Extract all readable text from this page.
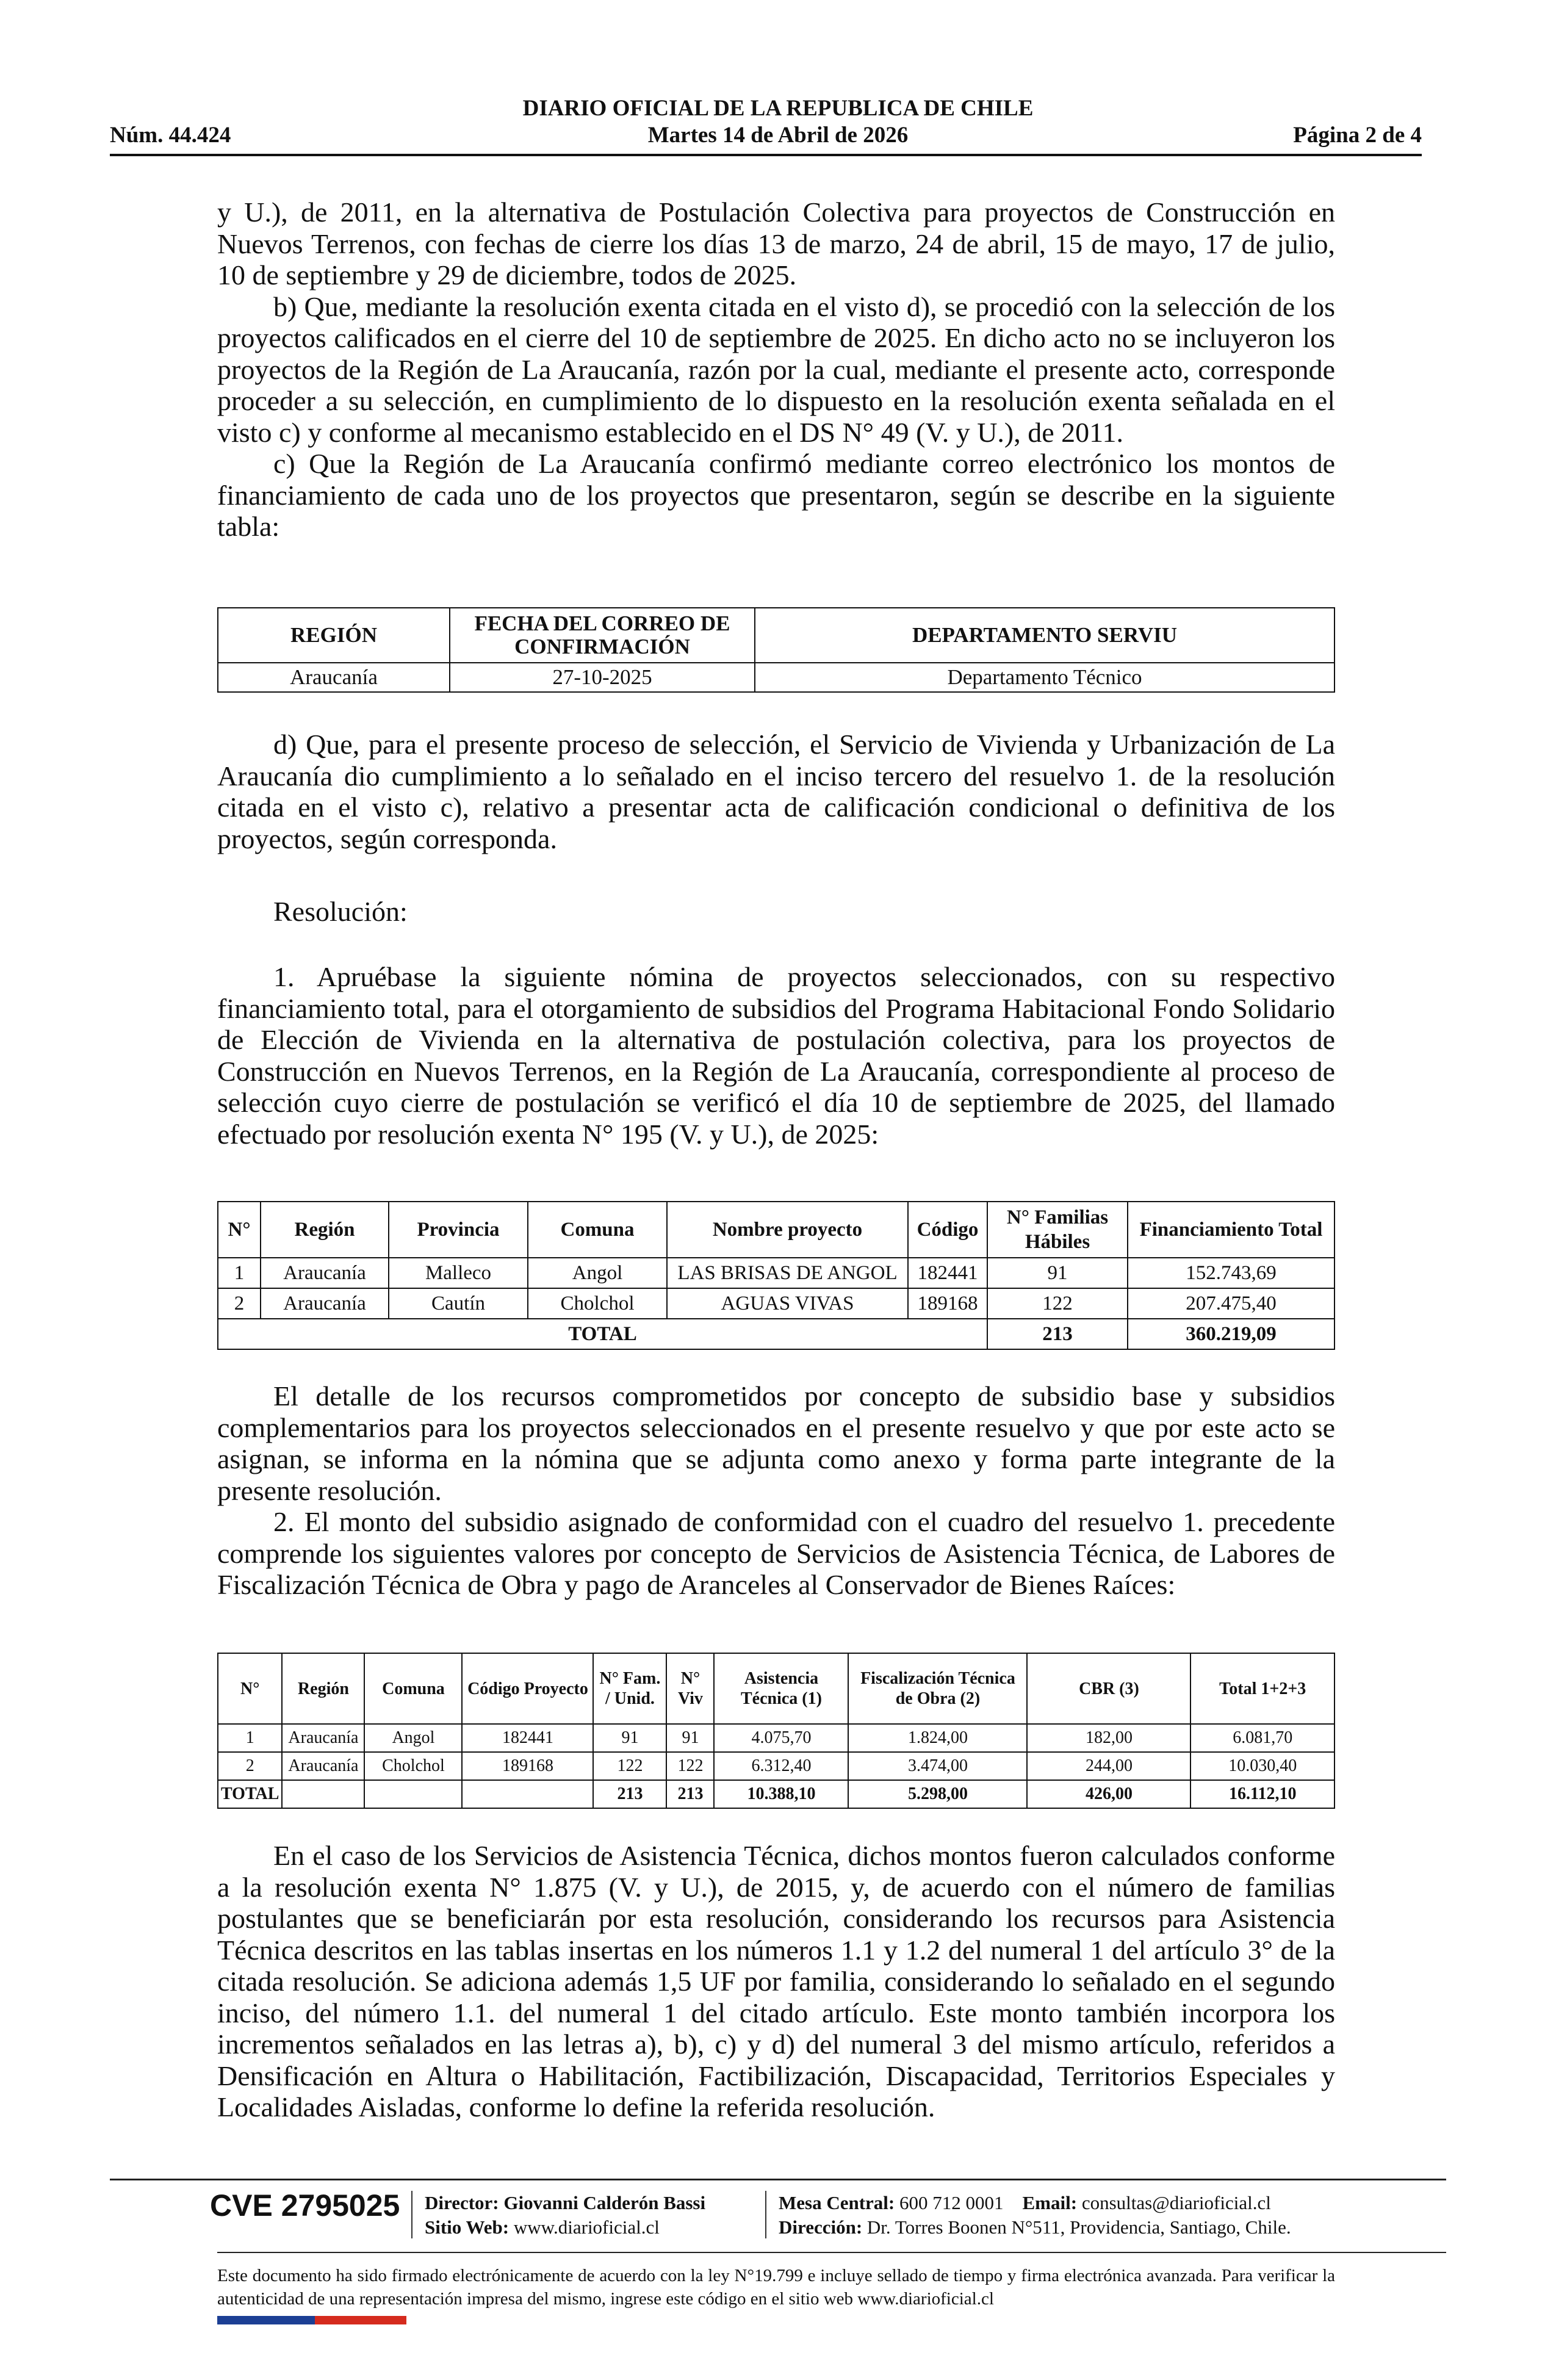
DIARIO OFICIAL DE LA REPUBLICA DE CHILE
Núm. 44.424	Martes 14 de Abril de 2026	Página 2 de 4

y U.), de 2011, en la alternativa de Postulación Colectiva para proyectos de Construcción en Nuevos Terrenos, con fechas de cierre los días 13 de marzo, 24 de abril, 15 de mayo, 17 de julio, 10 de septiembre y 29 de diciembre, todos de 2025.

b) Que, mediante la resolución exenta citada en el visto d), se procedió con la selección de los proyectos calificados en el cierre del 10 de septiembre de 2025. En dicho acto no se incluyeron los proyectos de la Región de La Araucanía, razón por la cual, mediante el presente acto, corresponde proceder a su selección, en cumplimiento de lo dispuesto en la resolución exenta señalada en el visto c) y conforme al mecanismo establecido en el DS N° 49 (V. y U.), de 2011.

c) Que la Región de La Araucanía confirmó mediante correo electrónico los montos de financiamiento de cada uno de los proyectos que presentaron, según se describe en la siguiente tabla:

REGIÓN	FECHA DEL CORREO DE CONFIRMACIÓN	DEPARTAMENTO SERVIU
Araucanía	27-10-2025	Departamento Técnico

d) Que, para el presente proceso de selección, el Servicio de Vivienda y Urbanización de La Araucanía dio cumplimiento a lo señalado en el inciso tercero del resuelvo 1. de la resolución citada en el visto c), relativo a presentar acta de calificación condicional o definitiva de los proyectos, según corresponda.

Resolución:

1. Apruébase la siguiente nómina de proyectos seleccionados, con su respectivo financiamiento total, para el otorgamiento de subsidios del Programa Habitacional Fondo Solidario de Elección de Vivienda en la alternativa de postulación colectiva, para los proyectos de Construcción en Nuevos Terrenos, en la Región de La Araucanía, correspondiente al proceso de selección cuyo cierre de postulación se verificó el día 10 de septiembre de 2025, del llamado efectuado por resolución exenta N° 195 (V. y U.), de 2025:

N°	Región	Provincia	Comuna	Nombre proyecto	Código	N° Familias Hábiles	Financiamiento Total
1	Araucanía	Malleco	Angol	LAS BRISAS DE ANGOL	182441	91	152.743,69
2	Araucanía	Cautín	Cholchol	AGUAS VIVAS	189168	122	207.475,40
TOTAL						213	360.219,09

El detalle de los recursos comprometidos por concepto de subsidio base y subsidios complementarios para los proyectos seleccionados en el presente resuelvo y que por este acto se asignan, se informa en la nómina que se adjunta como anexo y forma parte integrante de la presente resolución.

2. El monto del subsidio asignado de conformidad con el cuadro del resuelvo 1. precedente comprende los siguientes valores por concepto de Servicios de Asistencia Técnica, de Labores de Fiscalización Técnica de Obra y pago de Aranceles al Conservador de Bienes Raíces:

N°	Región	Comuna	Código Proyecto	N° Fam. / Unid.	N° Viv	Asistencia Técnica (1)	Fiscalización Técnica de Obra (2)	CBR (3)	Total 1+2+3
1	Araucanía	Angol	182441	91	91	4.075,70	1.824,00	182,00	6.081,70
2	Araucanía	Cholchol	189168	122	122	6.312,40	3.474,00	244,00	10.030,40
TOTAL				213	213	10.388,10	5.298,00	426,00	16.112,10

En el caso de los Servicios de Asistencia Técnica, dichos montos fueron calculados conforme a la resolución exenta N° 1.875 (V. y U.), de 2015, y, de acuerdo con el número de familias postulantes que se beneficiarán por esta resolución, considerando los recursos para Asistencia Técnica descritos en las tablas insertas en los números 1.1 y 1.2 del numeral 1 del artículo 3° de la citada resolución. Se adiciona además 1,5 UF por familia, considerando lo señalado en el segundo inciso, del número 1.1. del numeral 1 del citado artículo. Este monto también incorpora los incrementos señalados en las letras a), b), c) y d) del numeral 3 del mismo artículo, referidos a Densificación en Altura o Habilitación, Factibilización, Discapacidad, Territorios Especiales y Localidades Aisladas, conforme lo define la referida resolución.

CVE 2795025 Director: Giovanni Calderón Bassi
Sitio Web: www.diarioficial.cl
Mesa Central: 600 712 0001 Email: consultas@diarioficial.cl
Dirección: Dr. Torres Boonen N°511, Providencia, Santiago, Chile.
Este documento ha sido firmado electrónicamente de acuerdo con la ley N°19.799 e incluye sellado de tiempo y firma electrónica avanzada. Para verificar la autenticidad de una representación impresa del mismo, ingrese este código en el sitio web www.diarioficial.cl
